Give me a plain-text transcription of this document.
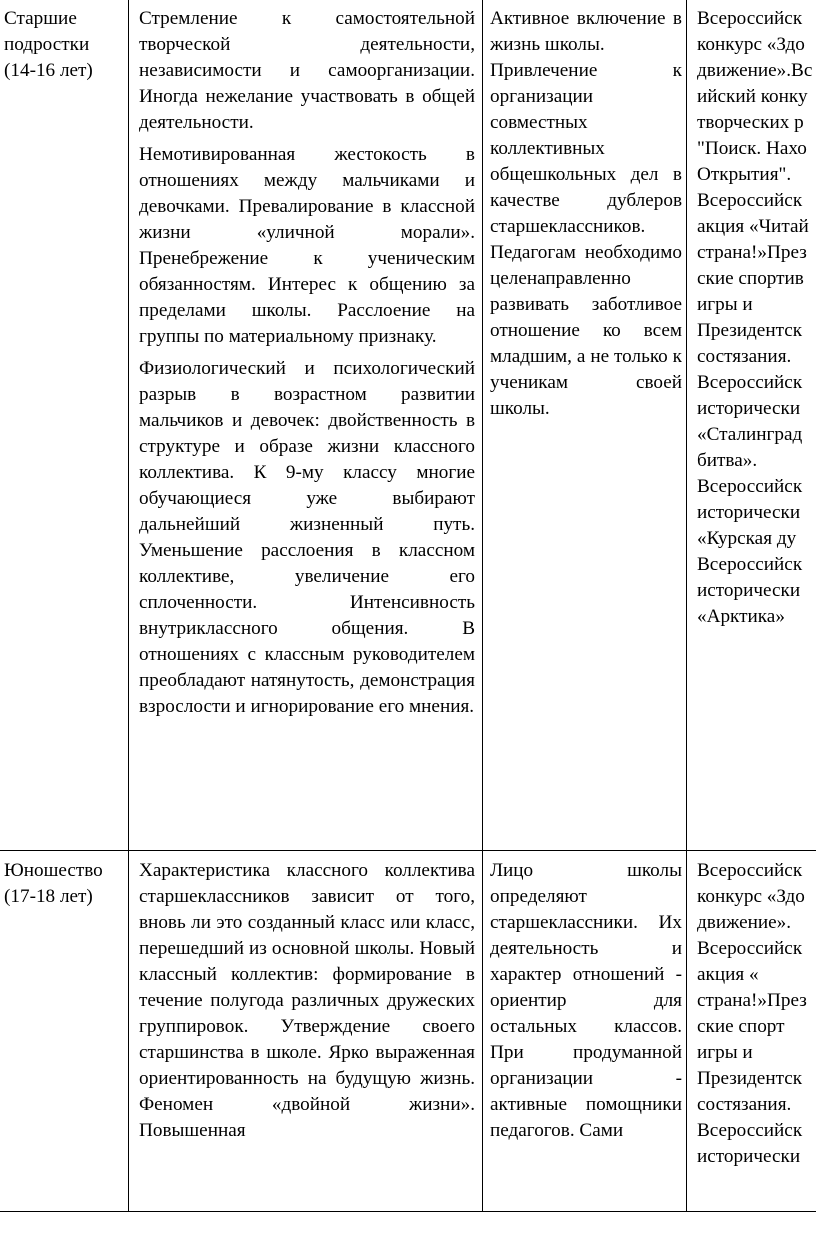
Старшие
подростки
(14-16 лет)

Стремление к самостоятельной творческой деятельности, независимости и самоорганизации. Иногда нежелание участвовать в общей деятельности.

Немотивированная жестокость в отношениях между мальчиками и девочками. Превалирование в классной жизни «уличной морали». Пренебрежение к ученическим обязанностям. Интерес к общению за пределами школы. Расслоение на группы по материальному признаку.

Физиологический и психологический разрыв в возрастном развитии мальчиков и девочек: двойственность в структуре и образе жизни классного коллектива. К 9-му классу многие обучающиеся уже выбирают дальнейший жизненный путь. Уменьшение расслоения в классном коллективе, увеличение его сплоченности. Интенсивность внутриклассного общения. В отношениях с классным руководителем преобладают натянутость, демонстрация взрослости и игнорирование его мнения.

Активное включение в жизнь школы.

Привлечение к организации совместных коллективных общешкольных дел в качестве дублеров старшеклассников.

Педагогам необходимо целенаправленно развивать заботливое отношение ко всем младшим, а не только к ученикам своей школы.

Всероссийск
конкурс «Здо
движение».Вс
ийский конку
творческих р
"Поиск. Нахо
Открытия".
Всероссийск
акция «Читай
страна!»През
ские спортив
игры и
Президентск
состязания.
Всероссийск
исторически
«Сталинград
битва».
Всероссийск
исторически
«Курская ду
Всероссийск
исторически
«Арктика»
Юношество
(17-18 лет)

Характеристика классного коллектива старшеклассников зависит от того, вновь ли это созданный класс или класс, перешедший из основной школы. Новый классный коллектив: формирование в течение полугода различных дружеских группировок. Утверждение своего старшинства в школе. Ярко выраженная ориентированность на будущую жизнь. Феномен «двойной жизни». Повышенная

Лицо школы определяют старшеклассники. Их деятельность и характер отношений - ориентир для остальных классов. При продуманной организации - активные помощники педагогов. Сами

Всероссийск
конкурс «Здо
движение».
Всероссийск
акция «
страна!»През
ские спорт
игры и
Президентск
состязания.
Всероссийск
исторически
